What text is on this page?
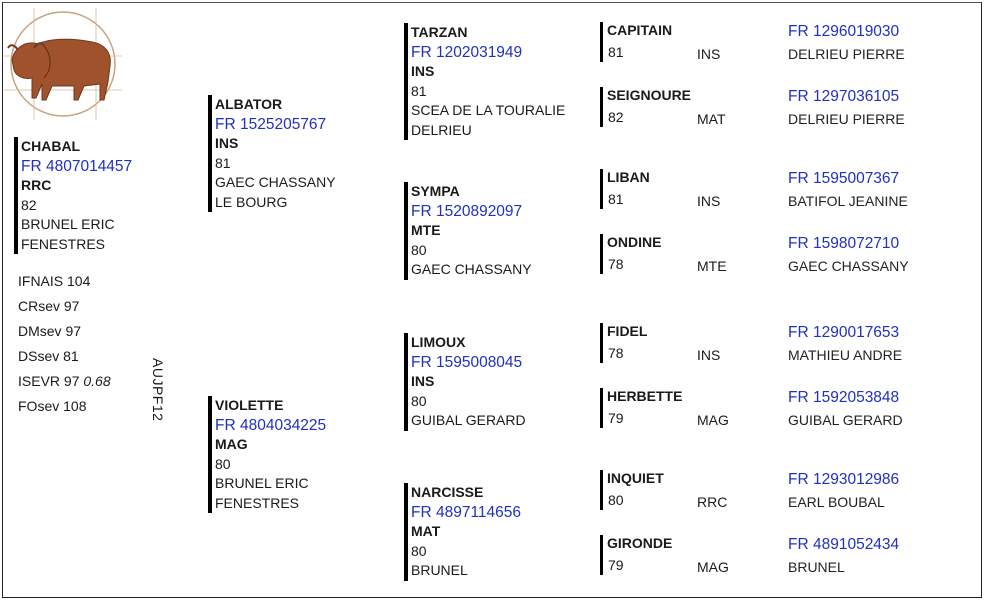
CHABAL
FR 4807014457
RRC
82
BRUNEL ERIC
FENESTRES
IFNAIS 104
CRsev 97
DMsev 97
DSsev 81
ISEVR 97 0.68
FOsev 108	AUJPF12
ALBATOR
FR 1525205767
INS
81
GAEC CHASSANY
LE BOURG
VIOLETTE
FR 4804034225
MAG
80
BRUNEL ERIC
FENESTRES
TARZAN
FR 1202031949
INS
81
SCEA DE LA TOURALIE
DELRIEU
SYMPA
FR 1520892097
MTE
80
GAEC CHASSANY
LIMOUX
FR 1595008045
INS
80
GUIBAL GERARD
NARCISSE
FR 4897114656
MAT
80
BRUNEL
CAPITAIN
81	INS
FR 1296019030
DELRIEU PIERRE
SEIGNOURE
82	MAT
FR 1297036105
DELRIEU PIERRE
LIBAN
81	INS
FR 1595007367
BATIFOL JEANINE
ONDINE
78	MTE
FR 1598072710
GAEC CHASSANY
FIDEL
78	INS
FR 1290017653
MATHIEU ANDRE
HERBETTE
79	MAG
FR 1592053848
GUIBAL GERARD
INQUIET
80	RRC
FR 1293012986
EARL BOUBAL
GIRONDE
79	MAG
FR 4891052434
BRUNEL
